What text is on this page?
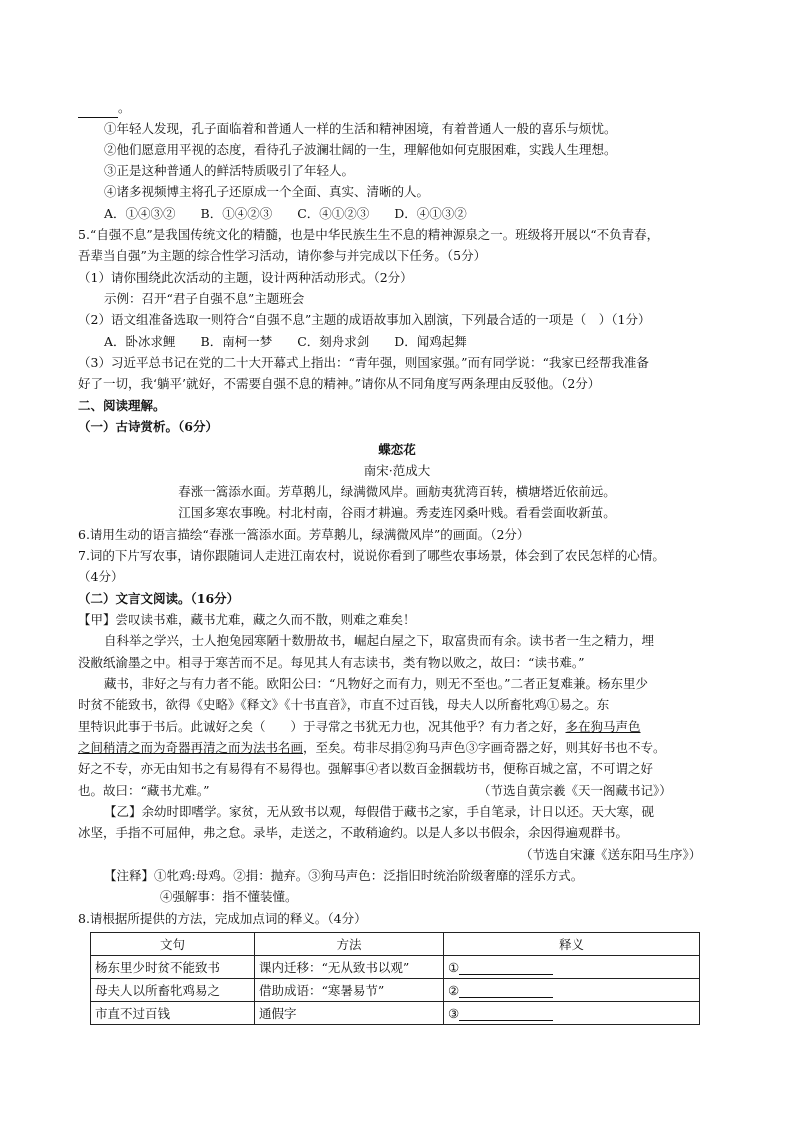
。
①年轻人发现，孔子面临着和普通人一样的生活和精神困境，有着普通人一般的喜乐与烦忧。
②他们愿意用平视的态度，看待孔子波澜壮阔的一生，理解他如何克服困难，实践人生理想。
③正是这种普通人的鲜活特质吸引了年轻人。
④诸多视频博主将孔子还原成一个全面、真实、清晰的人。
A．①④③②　　B．①④②③　　C．④①②③　　D．④①③②
5.“自强不息”是我国传统文化的精髓，也是中华民族生生不息的精神源泉之一。班级将开展以“不负青春，
吾辈当自强”为主题的综合性学习活动，请你参与并完成以下任务。（5分）
（1）请你围绕此次活动的主题，设计两种活动形式。（2分）
示例：召开“君子自强不息”主题班会
（2）语文组准备选取一则符合“自强不息”主题的成语故事加入剧演，下列最合适的一项是（　）（1分）
A．卧冰求鲤　　B．南柯一梦　　C．刻舟求剑　　D．闻鸡起舞
（3）习近平总书记在党的二十大开幕式上指出：“青年强，则国家强。”而有同学说：“我家已经帮我准备
好了一切，我‘躺平’就好，不需要自强不息的精神。”请你从不同角度写两条理由反驳他。（2分）
二、阅读理解。
（一）古诗赏析。（6分）
蝶恋花
南宋·范成大
春涨一篙添水面。芳草鹅儿，绿满微风岸。画舫夷犹湾百转，横塘塔近依前远。
江国多寒农事晚。村北村南，谷雨才耕遍。秀麦连冈桑叶贱。看看尝面收新茧。
6.请用生动的语言描绘“春涨一篙添水面。芳草鹅儿，绿满微风岸”的画面。（2分）
7.词的下片写农事，请你跟随词人走进江南农村，说说你看到了哪些农事场景，体会到了农民怎样的心情。
（4分）
（二）文言文阅读。（16分）
【甲】尝叹读书难，藏书尤难，藏之久而不散，则难之难矣！
自科举之学兴，士人抱兔园寒陋十数册故书，崛起白屋之下，取富贵而有余。读书者一生之精力，埋
没敝纸渝墨之中。相寻于寒苦而不足。每见其人有志读书，类有物以败之，故曰：“读书难。”
藏书，非好之与有力者不能。欧阳公曰：“凡物好之而有力，则无不至也。”二者正复难兼。杨东里少
时贫不能致书，欲得《史略》《释文》《十书直音》，市直不过百钱，母夫人以所畜牝鸡①易之。东
里特识此事于书后。此诚好之矣（　　）于寻常之书犹无力也，况其他乎？有力者之好，多在狗马声色
之间稍清之而为奇器再清之而为法书名画，至矣。苟非尽捐②狗马声色③字画奇器之好，则其好书也不专。
好之不专，亦无由知书之有易得有不易得也。强解事④者以数百金捆载坊书，便称百城之富，不可谓之好
也。故曰：“藏书尤难。”	（节选自黄宗羲《天一阁藏书记》）
【乙】余幼时即嗜学。家贫，无从致书以观，每假借于藏书之家，手自笔录，计日以还。天大寒，砚
冰坚，手指不可屈伸，弗之怠。录毕，走送之，不敢稍逾约。以是人多以书假余，余因得遍观群书。
（节选自宋濂《送东阳马生序》）
【注释】①牝鸡:母鸡。②捐：抛弃。③狗马声色：泛指旧时统治阶级奢靡的淫乐方式。
④强解事：指不懂装懂。
8.请根据所提供的方法，完成加点词的释义。（4分）
文句	方法	释义
杨东里少时贫不能致书	课内迁移：“无从致书以观”	①
母夫人以所畜牝鸡易之	借助成语：“寒暑易节”	②
市直不过百钱	通假字	③
